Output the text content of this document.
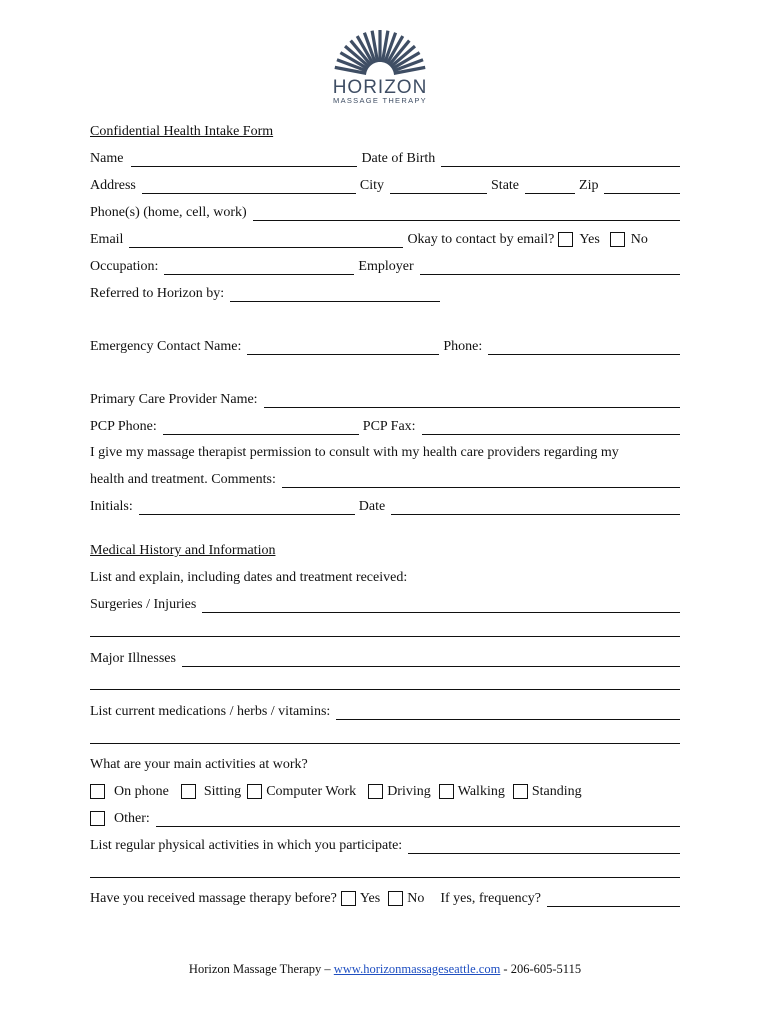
HORIZON
MASSAGE THERAPY
Confidential Health Intake Form
Name	Date of Birth
Address	City	State	Zip
Phone(s) (home, cell, work)
Email	Okay to contact by email? Yes No
Occupation:	Employer
Referred to Horizon by:
Emergency Contact Name:	Phone:
Primary Care Provider Name:
PCP Phone:	PCP Fax:
I give my massage therapist permission to consult with my health care providers regarding my
health and treatment. Comments:
Initials:	Date
Medical History and Information
List and explain, including dates and treatment received:
Surgeries / Injuries
Major Illnesses
List current medications / herbs / vitamins:
What are your main activities at work?
On phone	Sitting Computer Work Driving Walking Standing
Other:
List regular physical activities in which you participate:
Have you received massage therapy before? Yes No If yes, frequency?
Horizon Massage Therapy – www.horizonmassageseattle.com - 206-605-5115
